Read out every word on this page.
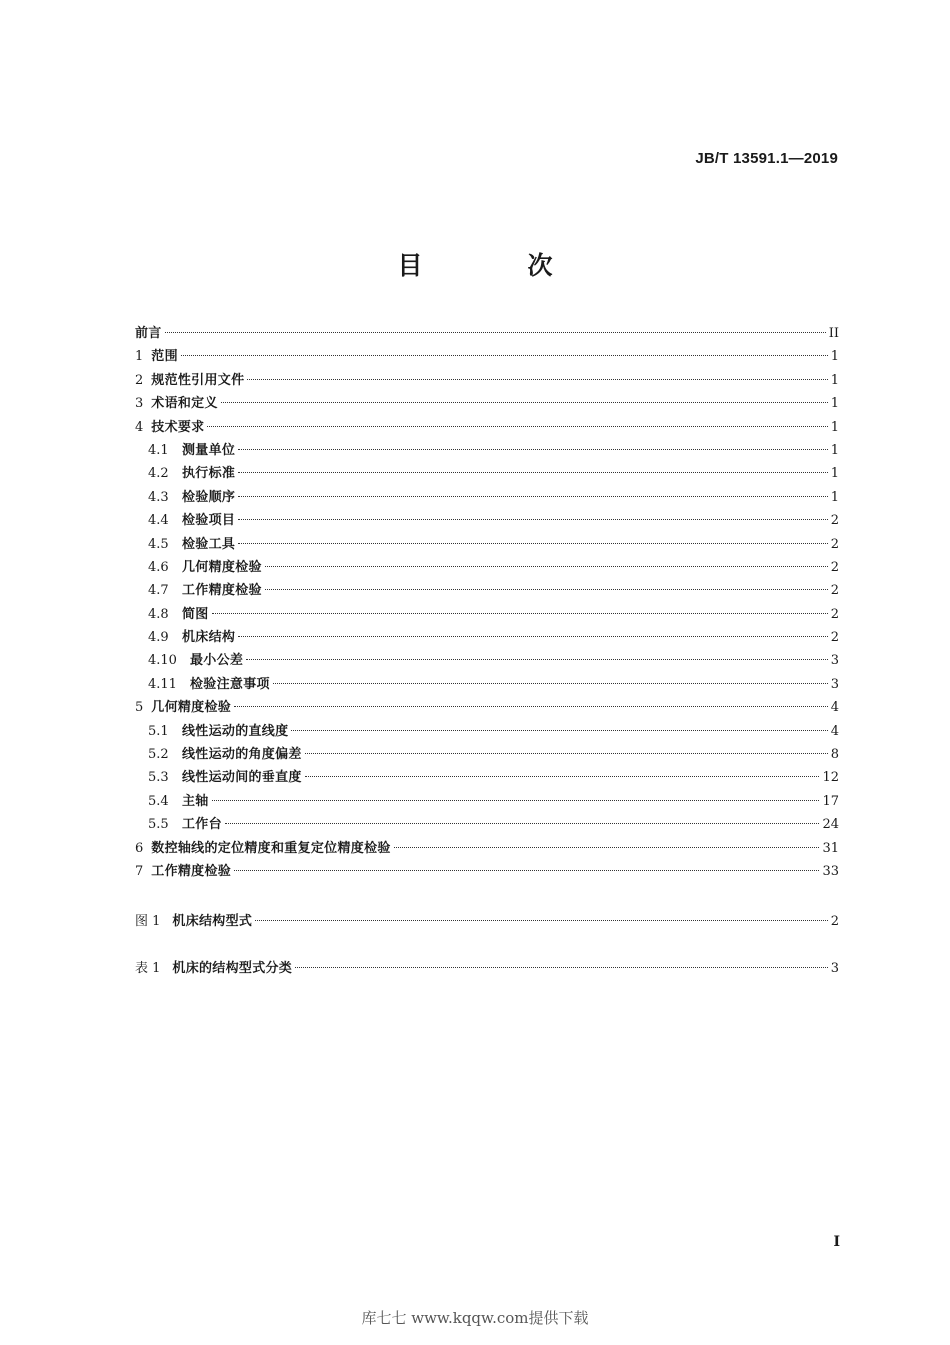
JB/T 13591.1—2019
目　次
前言	II
1 范围	1
2 规范性引用文件	1
3 术语和定义	1
4 技术要求	1
4.1	测量单位	1
4.2	执行标准	1
4.3	检验顺序	1
4.4	检验项目	2
4.5	检验工具	2
4.6	几何精度检验	2
4.7	工作精度检验	2
4.8	简图	2
4.9	机床结构	2
4.10	最小公差	3
4.11	检验注意事项	3
5 几何精度检验	4
5.1	线性运动的直线度	4
5.2	线性运动的角度偏差	8
5.3	线性运动间的垂直度	12
5.4	主轴	17
5.5	工作台	24
6 数控轴线的定位精度和重复定位精度检验	31
7 工作精度检验	33
图 1 机床结构型式	2
表 1 机床的结构型式分类	3
I
库七七 www.kqqw.com提供下载
